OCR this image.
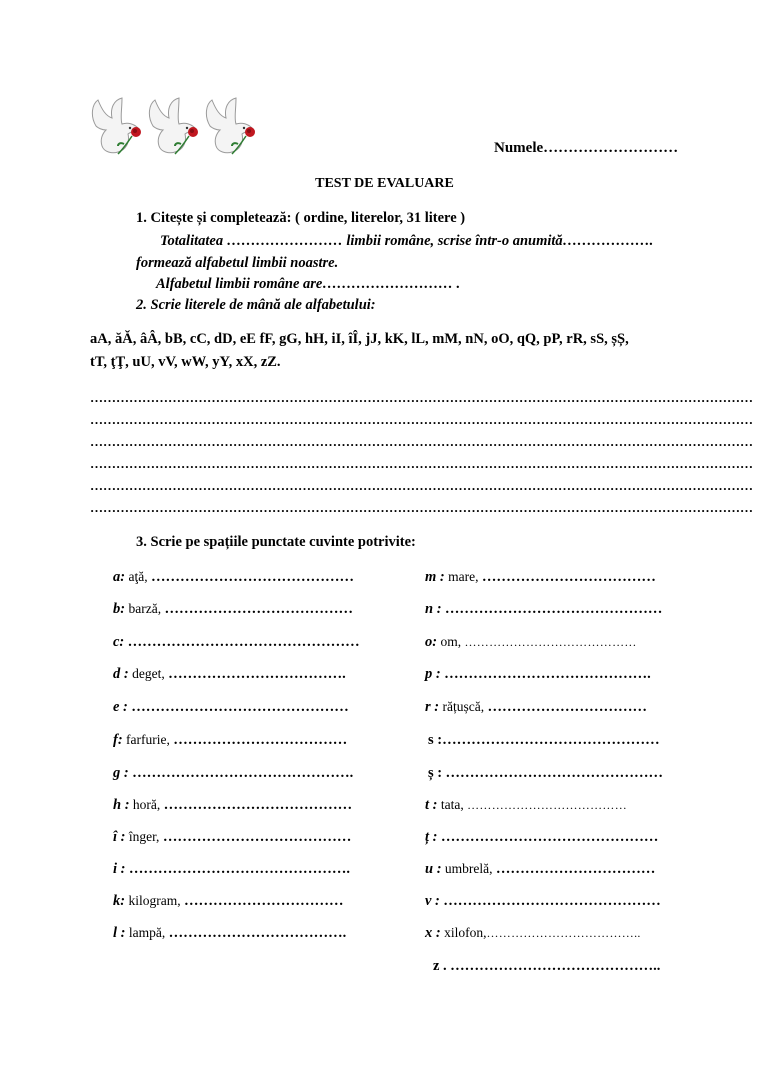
Numele………………………
TEST DE EVALUARE
1. Citește și completează: ( ordine, literelor, 31 litere )
Totalitatea …………………… limbii române, scrise într-o anumită……………….
formează alfabetul limbii noastre.
Alfabetul limbii române are……………………… .
2. Scrie literele de mână ale alfabetului:
aA, ăĂ, âÂ, bB, cC, dD, eE fF, gG, hH, iI, îÎ, jJ, kK, lL, mM, nN, oO, qQ, pP, rR, sS, șȘ,
tT, ţŢ, uU, vV, wW, yY, xX, zZ.
………………………………………………………………………………………………………………………………………
………………………………………………………………………………………………………………………………………
………………………………………………………………………………………………………………………………………
………………………………………………………………………………………………………………………………………
………………………………………………………………………………………………………………………………………
………………………………………………………………………………………………………………………………………
3. Scrie pe spațiile punctate cuvinte potrivite:
a: aţă, ……………………………………
b: barză, …………………………………
c: …………………………………………
d : deget, ……………………………….
e : ………………………………………
f: farfurie, ………………………………
g : ……………………………………….
h : horă, …………………………………
î : înger, …………………………………
i : ……………………………………….
k: kilogram, ……………………………
l : lampă, ……………………………….
m : mare, ………………………………
n : ………………………………………
o: om, ……………………………………
p : …………………………………….
r : rățușcă, ……………………………
s :………………………………………
ș : ………………………………………
t : tata, …………………………………
ț : ………………………………………
u : umbrelă, ……………………………
v : ………………………………………
x : xilofon,………………………………..
z . ……………………………………..
